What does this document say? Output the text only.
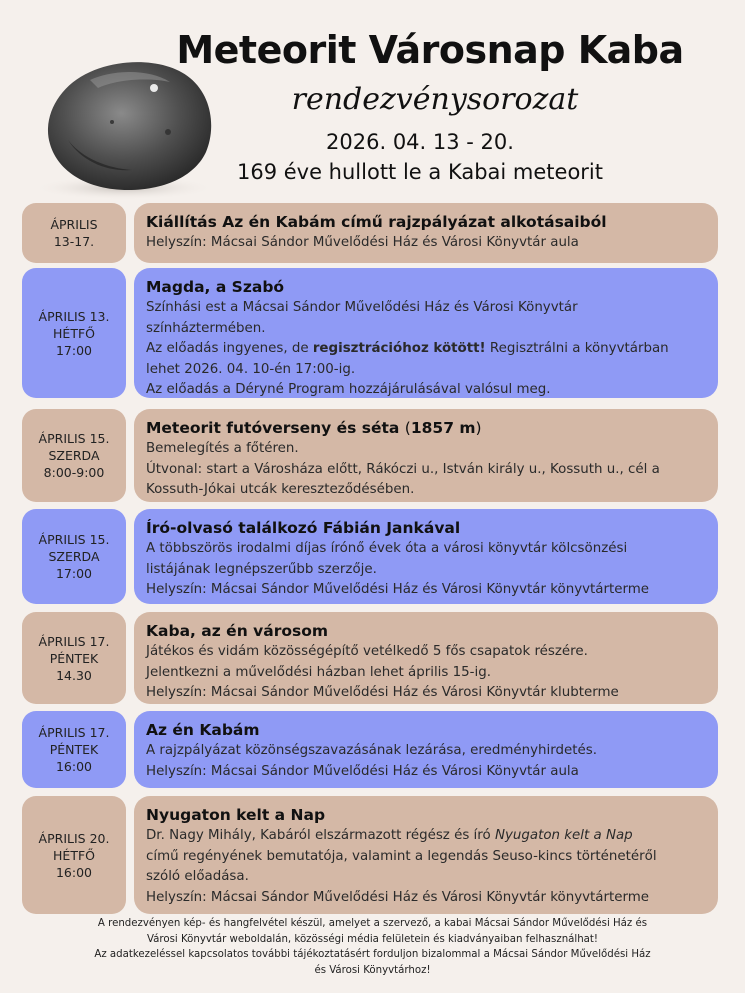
Meteorit Városnap Kaba
rendezvénysorozat
2026. 04. 13 - 20.
169 éve hullott le a Kabai meteorit
ÁPRILIS
13-17.
Kiállítás Az én Kabám című rajzpályázat alkotásaiból
Helyszín: Mácsai Sándor Művelődési Ház és Városi Könyvtár aula
ÁPRILIS 13.
HÉTFŐ
17:00
Magda, a Szabó
Színhási est a Mácsai Sándor Művelődési Ház és Városi Könyvtár
színháztermében.
Az előadás ingyenes, de regisztrációhoz kötött! Regisztrálni a könyvtárban
lehet 2026. 04. 10-én 17:00-ig.
Az előadás a Déryné Program hozzájárulásával valósul meg.
ÁPRILIS 15.
SZERDA
8:00-9:00
Meteorit futóverseny és séta (1857 m)
Bemelegítés a főtéren.
Útvonal: start a Városháza előtt, Rákóczi u., István király u., Kossuth u., cél a
Kossuth-Jókai utcák kereszteződésében.
ÁPRILIS 15.
SZERDA
17:00
Író-olvasó találkozó Fábián Jankával
A többszörös irodalmi díjas írónő évek óta a városi könyvtár kölcsönzési
listájának legnépszerűbb szerzője.
Helyszín: Mácsai Sándor Művelődési Ház és Városi Könyvtár könyvtárterme
ÁPRILIS 17.
PÉNTEK
14.30
Kaba, az én városom
Játékos és vidám közösségépítő vetélkedő 5 fős csapatok részére.
Jelentkezni a művelődési házban lehet április 15-ig.
Helyszín: Mácsai Sándor Művelődési Ház és Városi Könyvtár klubterme
ÁPRILIS 17.
PÉNTEK
16:00
Az én Kabám
A rajzpályázat közönségszavazásának lezárása, eredményhirdetés.
Helyszín: Mácsai Sándor Művelődési Ház és Városi Könyvtár aula
ÁPRILIS 20.
HÉTFŐ
16:00
Nyugaton kelt a Nap
Dr. Nagy Mihály, Kabáról elszármazott régész és író Nyugaton kelt a Nap
című regényének bemutatója, valamint a legendás Seuso-kincs történetéről
szóló előadása.
Helyszín: Mácsai Sándor Művelődési Ház és Városi Könyvtár könyvtárterme
A rendezvényen kép- és hangfelvétel készül, amelyet a szervező, a kabai Mácsai Sándor Művelődési Ház és
Városi Könyvtár weboldalán, közösségi média felületein és kiadványaiban felhasználhat!
Az adatkezeléssel kapcsolatos további tájékoztatásért forduljon bizalommal a Mácsai Sándor Művelődési Ház
és Városi Könyvtárhoz!
